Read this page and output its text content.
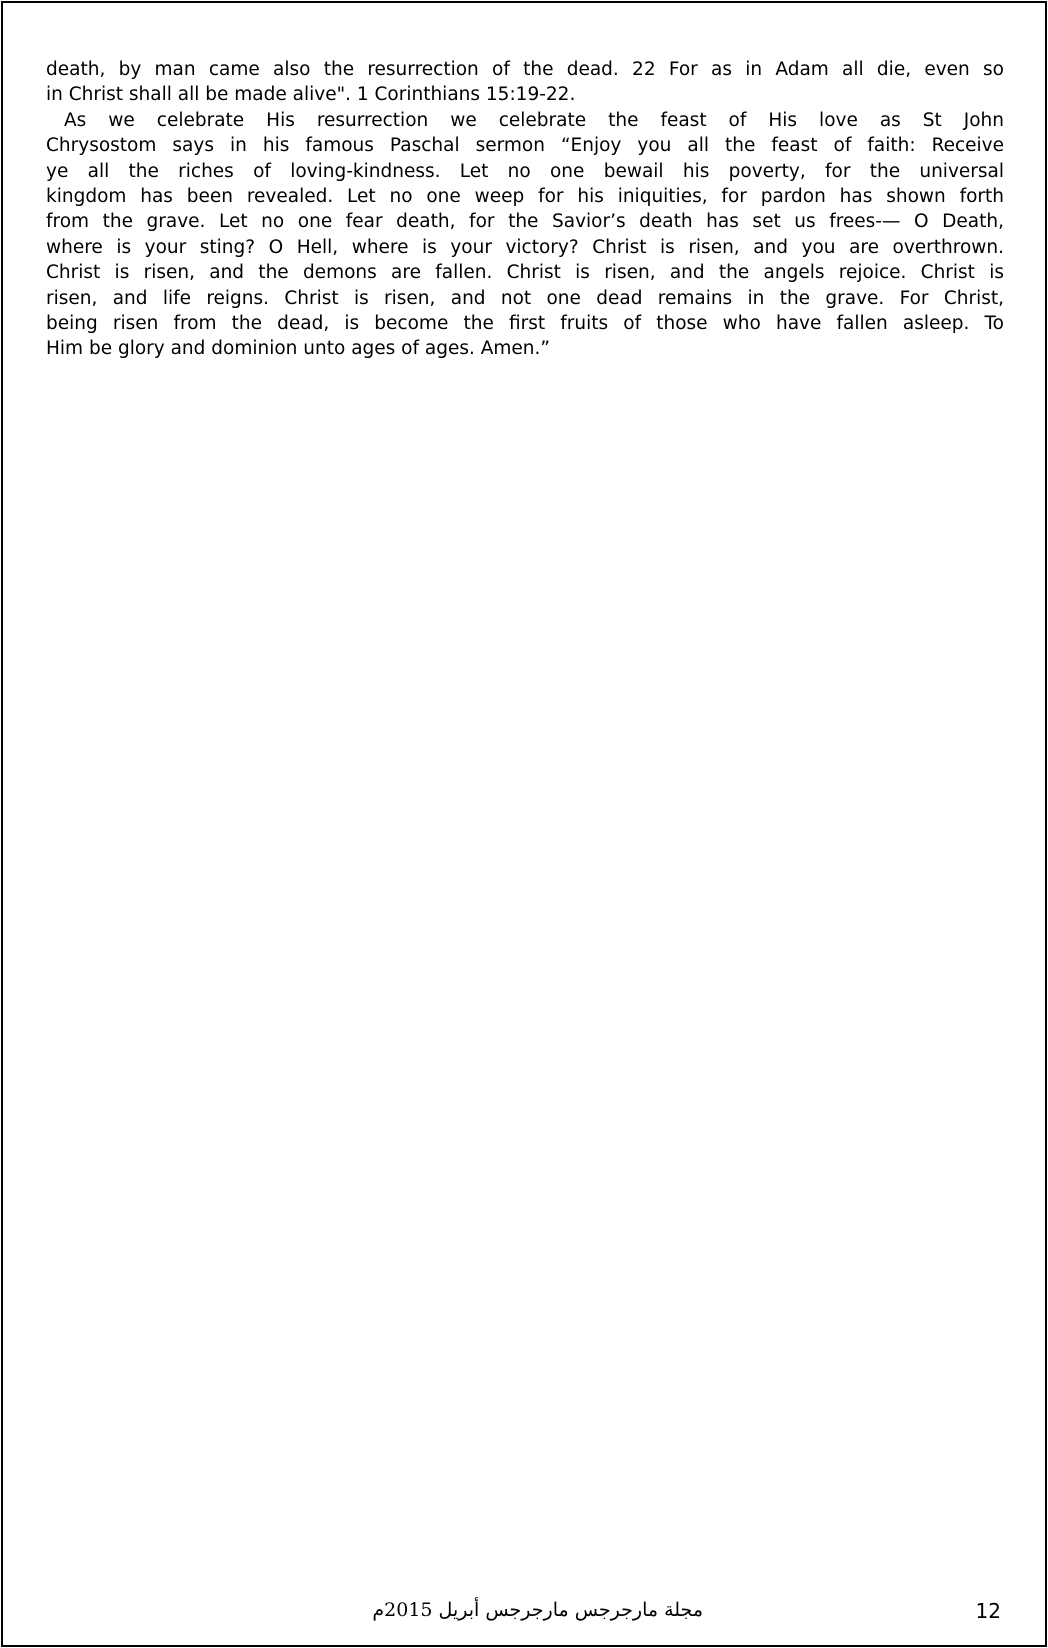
death, by man came also the resurrection of the dead. 22 For as in Adam all die, even so
in Christ shall all be made alive". 1 Corinthians 15:19-22.
As we celebrate His resurrection we celebrate the feast of His love as St John
Chrysostom says in his famous Paschal sermon “Enjoy you all the feast of faith: Receive
ye all the riches of loving-kindness. Let no one bewail his poverty, for the universal
kingdom has been revealed. Let no one weep for his iniquities, for pardon has shown forth
from the grave. Let no one fear death, for the Savior’s death has set us frees-— O Death,
where is your sting? O Hell, where is your victory? Christ is risen, and you are overthrown.
Christ is risen, and the demons are fallen. Christ is risen, and the angels rejoice. Christ is
risen, and life reigns. Christ is risen, and not one dead remains in the grave. For Christ,
being risen from the dead, is become the first fruits of those who have fallen asleep. To
Him be glory and dominion unto ages of ages. Amen.”
مجلة مارجرجس مارجرجس أبريل 2015م	12
